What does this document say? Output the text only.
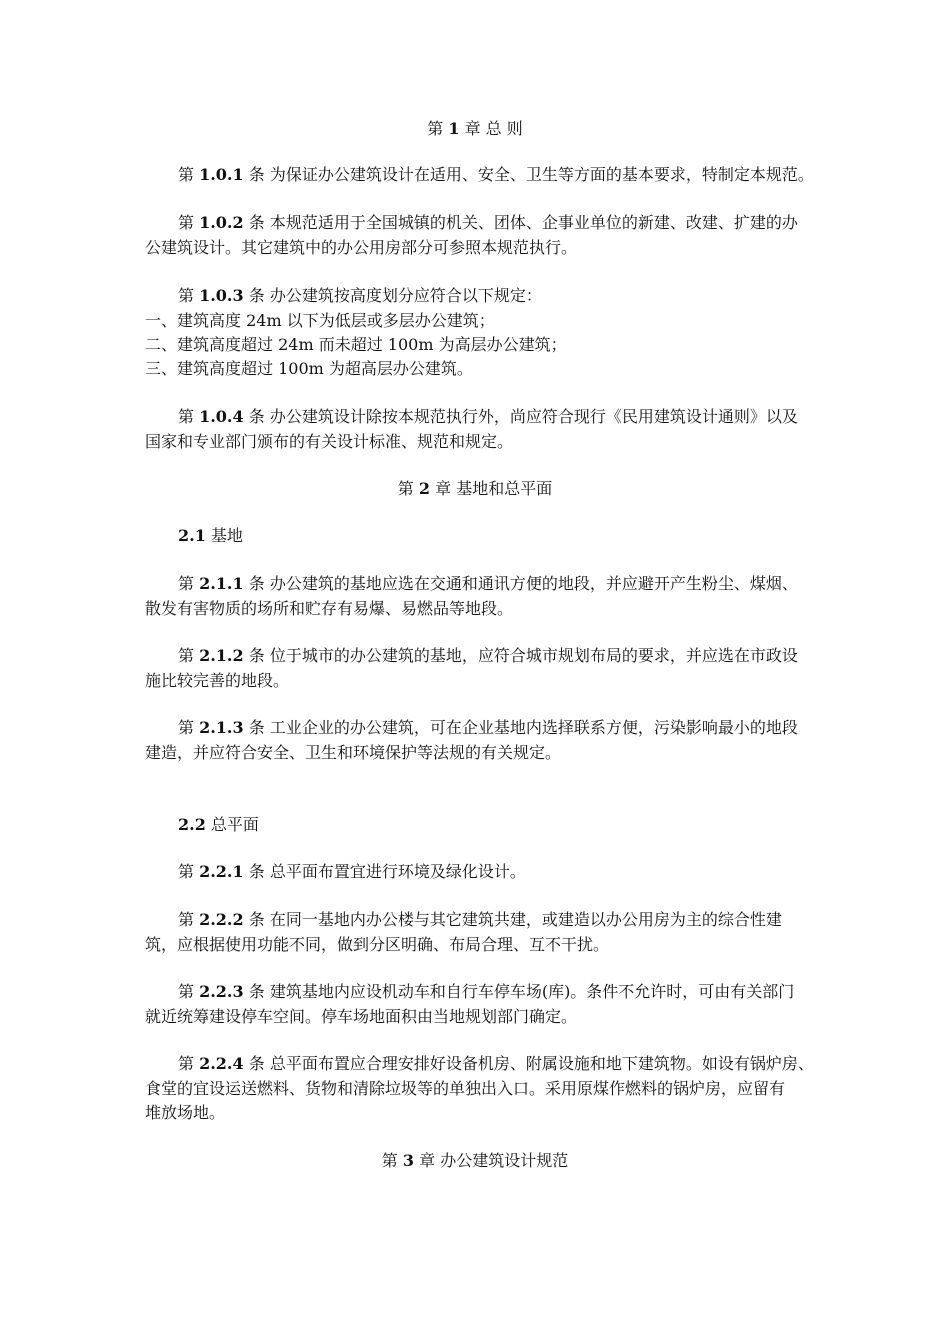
第 1 章 总 则
第 1.0.1 条 为保证办公建筑设计在适用、安全、卫生等方面的基本要求，特制定本规范。
第 1.0.2 条 本规范适用于全国城镇的机关、团体、企事业单位的新建、改建、扩建的办
公建筑设计。其它建筑中的办公用房部分可参照本规范执行。
第 1.0.3 条 办公建筑按高度划分应符合以下规定：
一、建筑高度 24m 以下为低层或多层办公建筑；
二、建筑高度超过 24m 而未超过 100m 为高层办公建筑；
三、建筑高度超过 100m 为超高层办公建筑。
第 1.0.4 条 办公建筑设计除按本规范执行外，尚应符合现行《民用建筑设计通则》以及
国家和专业部门颁布的有关设计标准、规范和规定。
第 2 章 基地和总平面
2.1 基地
第 2.1.1 条 办公建筑的基地应选在交通和通讯方便的地段，并应避开产生粉尘、煤烟、
散发有害物质的场所和贮存有易爆、易燃品等地段。
第 2.1.2 条 位于城市的办公建筑的基地，应符合城市规划布局的要求，并应选在市政设
施比较完善的地段。
第 2.1.3 条 工业企业的办公建筑，可在企业基地内选择联系方便，污染影响最小的地段
建造，并应符合安全、卫生和环境保护等法规的有关规定。
2.2 总平面
第 2.2.1 条 总平面布置宜进行环境及绿化设计。
第 2.2.2 条 在同一基地内办公楼与其它建筑共建，或建造以办公用房为主的综合性建
筑，应根据使用功能不同，做到分区明确、布局合理、互不干扰。
第 2.2.3 条 建筑基地内应设机动车和自行车停车场(库)。条件不允许时，可由有关部门
就近统筹建设停车空间。停车场地面积由当地规划部门确定。
第 2.2.4 条 总平面布置应合理安排好设备机房、附属设施和地下建筑物。如设有锅炉房、
食堂的宜设运送燃料、货物和清除垃圾等的单独出入口。采用原煤作燃料的锅炉房，应留有
堆放场地。
第 3 章 办公建筑设计规范
